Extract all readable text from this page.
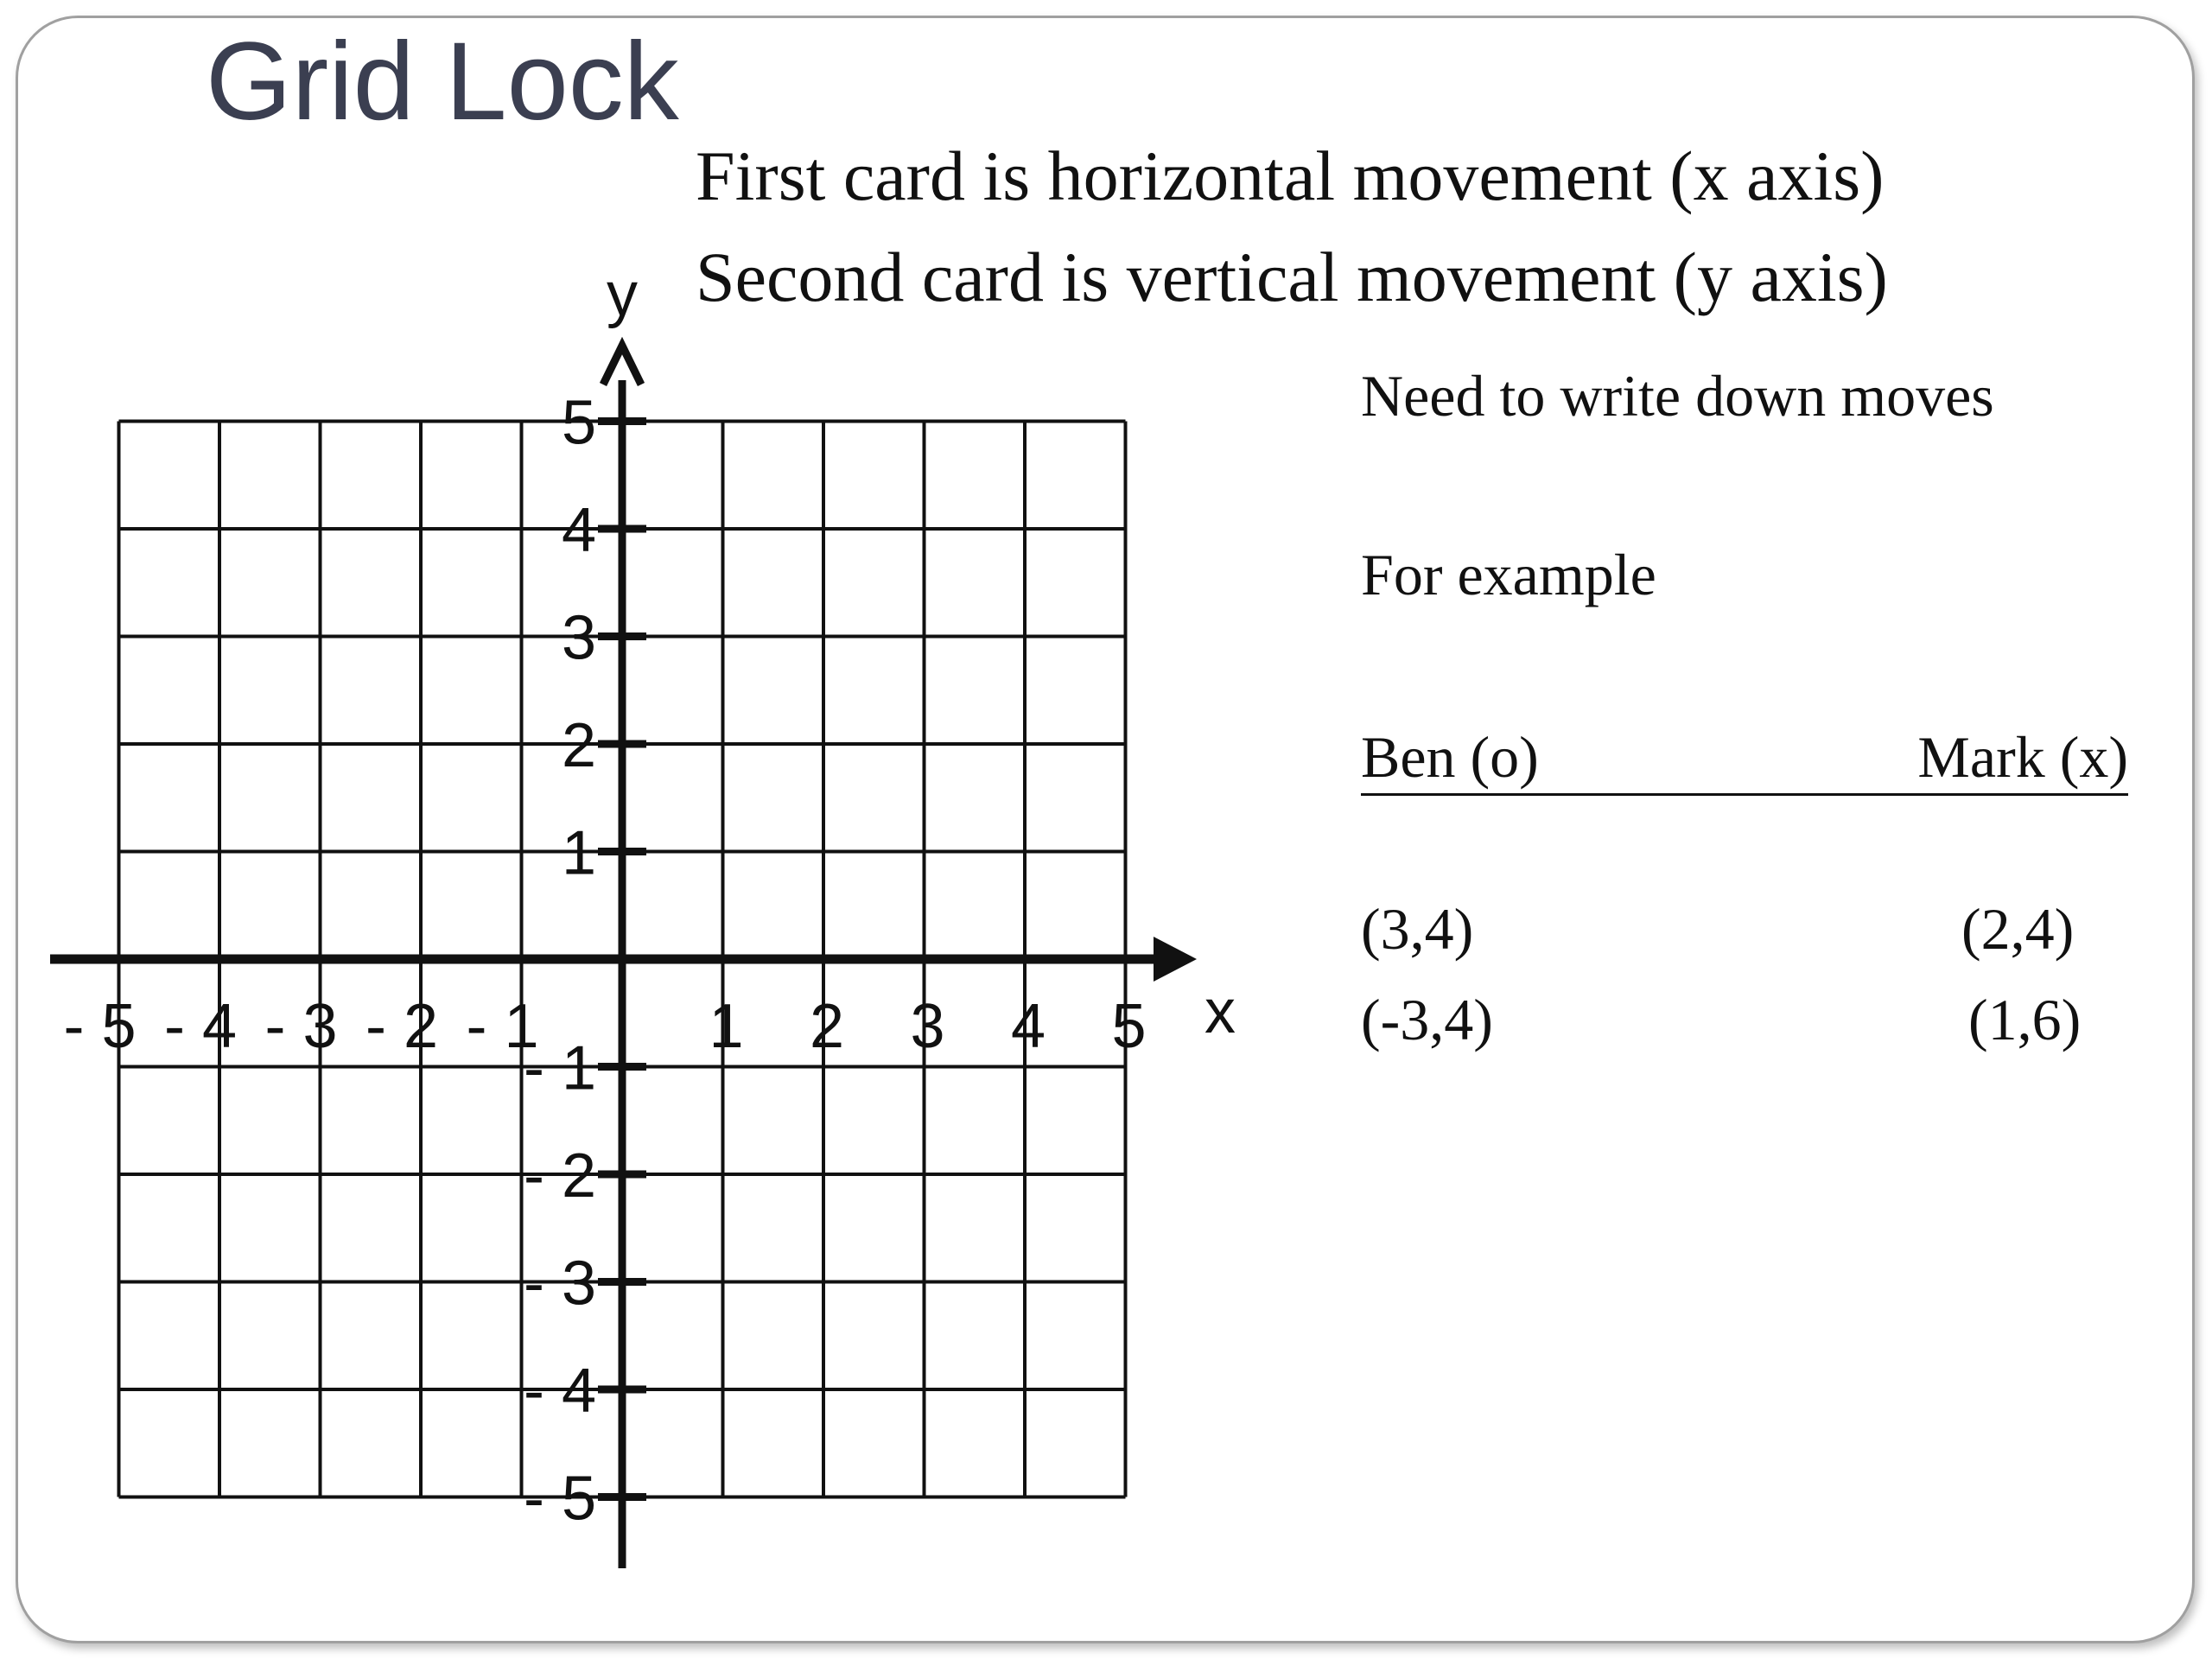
Grid Lock
First card is horizontal movement (x axis)
Second card is vertical movement (y axis)
x
y
5
4
3
2
1
- 1
- 2
- 3
- 4
- 5
- 5 - 4 - 3 - 2 - 1	1 2 3 4 5
Need to write down moves
For example
Ben (o)	Mark (x)
(3,4)	(2,4)
(-3,4)	(1,6)
